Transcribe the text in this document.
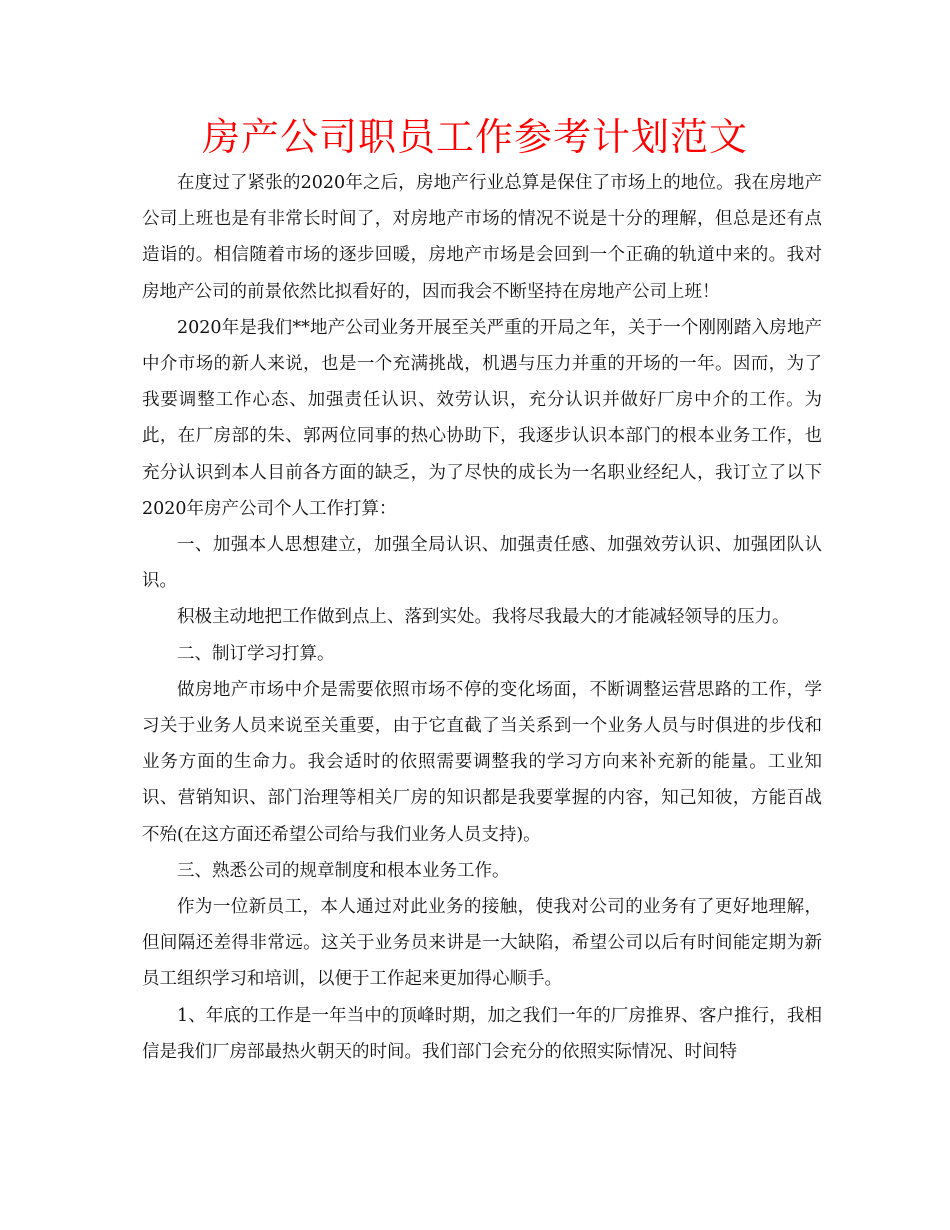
房产公司职员工作参考计划范文

在度过了紧张的2020年之后，房地产行业总算是保住了市场上的地位。我在房地产公司上班也是有非常长时间了，对房地产市场的情况不说是十分的理解，但总是还有点造诣的。相信随着市场的逐步回暖，房地产市场是会回到一个正确的轨道中来的。我对房地产公司的前景依然比拟看好的，因而我会不断坚持在房地产公司上班！

2020年是我们**地产公司业务开展至关严重的开局之年，关于一个刚刚踏入房地产中介市场的新人来说，也是一个充满挑战，机遇与压力并重的开场的一年。因而，为了我要调整工作心态、加强责任认识、效劳认识，充分认识并做好厂房中介的工作。为此，在厂房部的朱、郭两位同事的热心协助下，我逐步认识本部门的根本业务工作，也充分认识到本人目前各方面的缺乏，为了尽快的成长为一名职业经纪人，我订立了以下2020年房产公司个人工作打算：

一、加强本人思想建立，加强全局认识、加强责任感、加强效劳认识、加强团队认识。

积极主动地把工作做到点上、落到实处。我将尽我最大的才能减轻领导的压力。

二、制订学习打算。

做房地产市场中介是需要依照市场不停的变化场面，不断调整运营思路的工作，学习关于业务人员来说至关重要，由于它直截了当关系到一个业务人员与时俱进的步伐和业务方面的生命力。我会适时的依照需要调整我的学习方向来补充新的能量。工业知识、营销知识、部门治理等相关厂房的知识都是我要掌握的内容，知己知彼，方能百战不殆(在这方面还希望公司给与我们业务人员支持)。

三、熟悉公司的规章制度和根本业务工作。

作为一位新员工，本人通过对此业务的接触，使我对公司的业务有了更好地理解，但间隔还差得非常远。这关于业务员来讲是一大缺陷，希望公司以后有时间能定期为新员工组织学习和培训，以便于工作起来更加得心顺手。

1、年底的工作是一年当中的顶峰时期，加之我们一年的厂房推界、客户推行，我相信是我们厂房部最热火朝天的时间。我们部门会充分的依照实际情况、时间特
